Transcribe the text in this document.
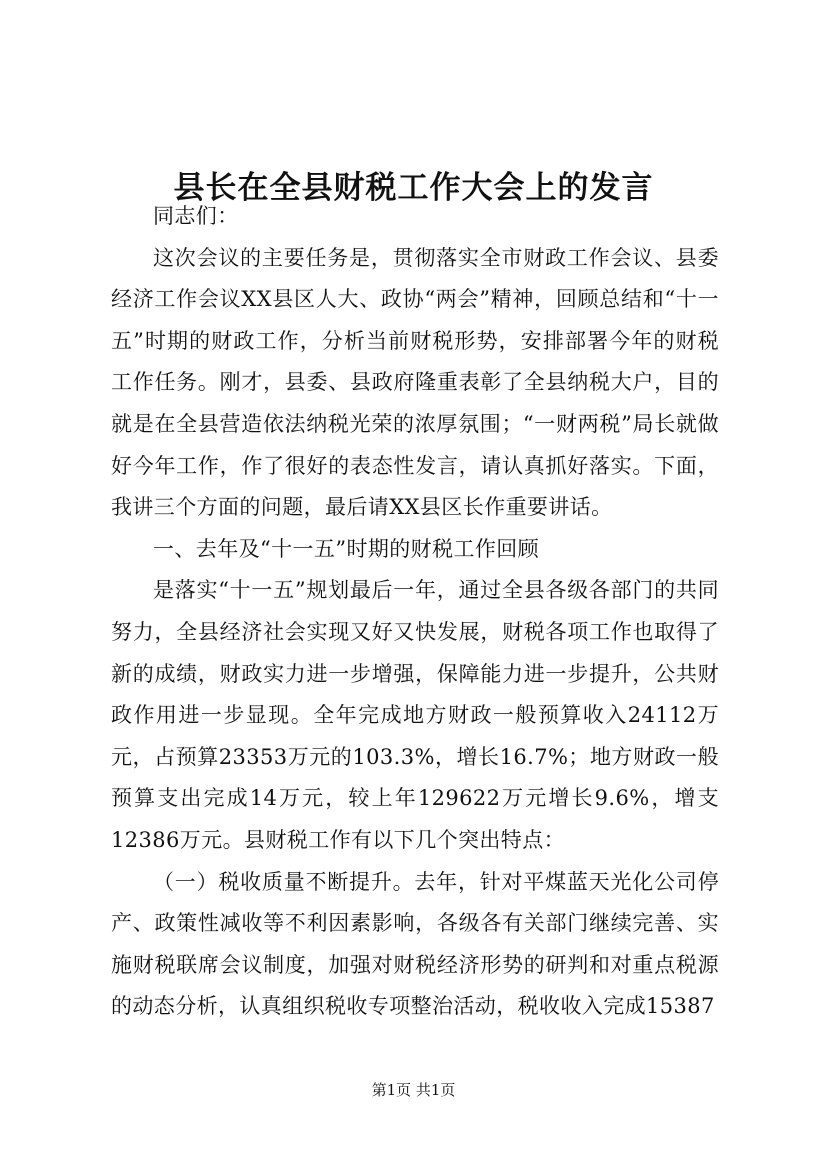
县长在全县财税工作大会上的发言

同志们：

这次会议的主要任务是，贯彻落实全市财政工作会议、县委经济工作会议XX县区人大、政协“两会”精神，回顾总结和“十一五”时期的财政工作，分析当前财税形势，安排部署今年的财税工作任务。刚才，县委、县政府隆重表彰了全县纳税大户，目的就是在全县营造依法纳税光荣的浓厚氛围；“一财两税”局长就做好今年工作，作了很好的表态性发言，请认真抓好落实。下面，我讲三个方面的问题，最后请XX县区长作重要讲话。

一、去年及“十一五”时期的财税工作回顾

是落实“十一五”规划最后一年，通过全县各级各部门的共同努力，全县经济社会实现又好又快发展，财税各项工作也取得了新的成绩，财政实力进一步增强，保障能力进一步提升，公共财政作用进一步显现。全年完成地方财政一般预算收入24112万元，占预算23353万元的103.3%，增长16.7%；地方财政一般预算支出完成14万元，较上年129622万元增长9.6%，增支12386万元。县财税工作有以下几个突出特点：

（一）税收质量不断提升。去年，针对平煤蓝天光化公司停产、政策性减收等不利因素影响，各级各有关部门继续完善、实施财税联席会议制度，加强对财税经济形势的研判和对重点税源的动态分析，认真组织税收专项整治活动，税收收入完成15387

第1页 共1页
